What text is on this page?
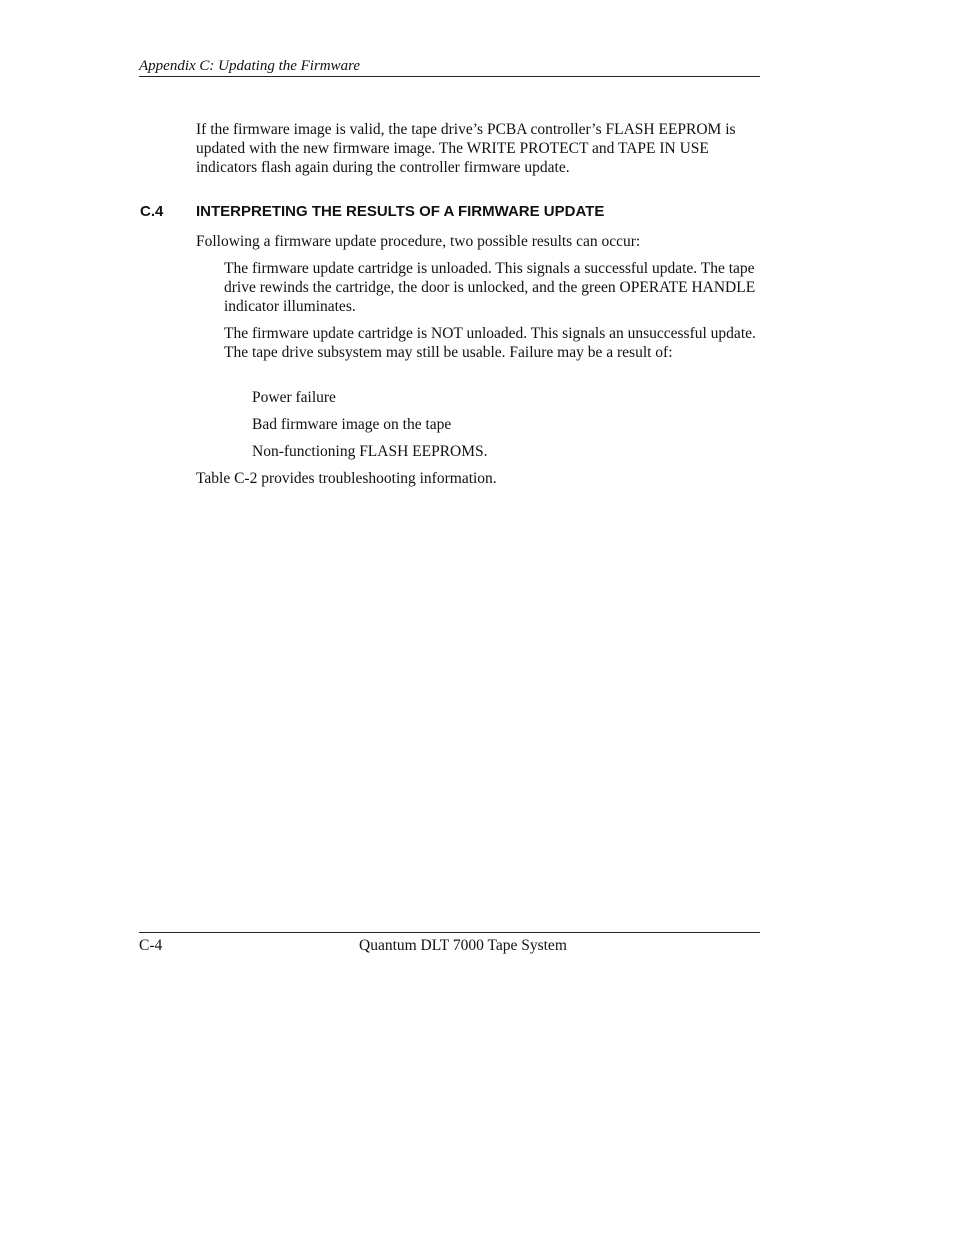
Appendix C: Updating the Firmware

If the firmware image is valid, the tape drive’s PCBA controller’s FLASH EEPROM is updated with the new firmware image. The WRITE PROTECT and TAPE IN USE indicators flash again during the controller firmware update.

C.4 INTERPRETING THE RESULTS OF A FIRMWARE UPDATE

Following a firmware update procedure, two possible results can occur:

The firmware update cartridge is unloaded. This signals a successful update. The tape drive rewinds the cartridge, the door is unlocked, and the green OPERATE HANDLE indicator illuminates.

The firmware update cartridge is NOT unloaded. This signals an unsuccessful update. The tape drive subsystem may still be usable. Failure may be a result of:

Power failure

Bad firmware image on the tape

Non-functioning FLASH EEPROMS.

Table C-2 provides troubleshooting information.

C-4	Quantum DLT 7000 Tape System
